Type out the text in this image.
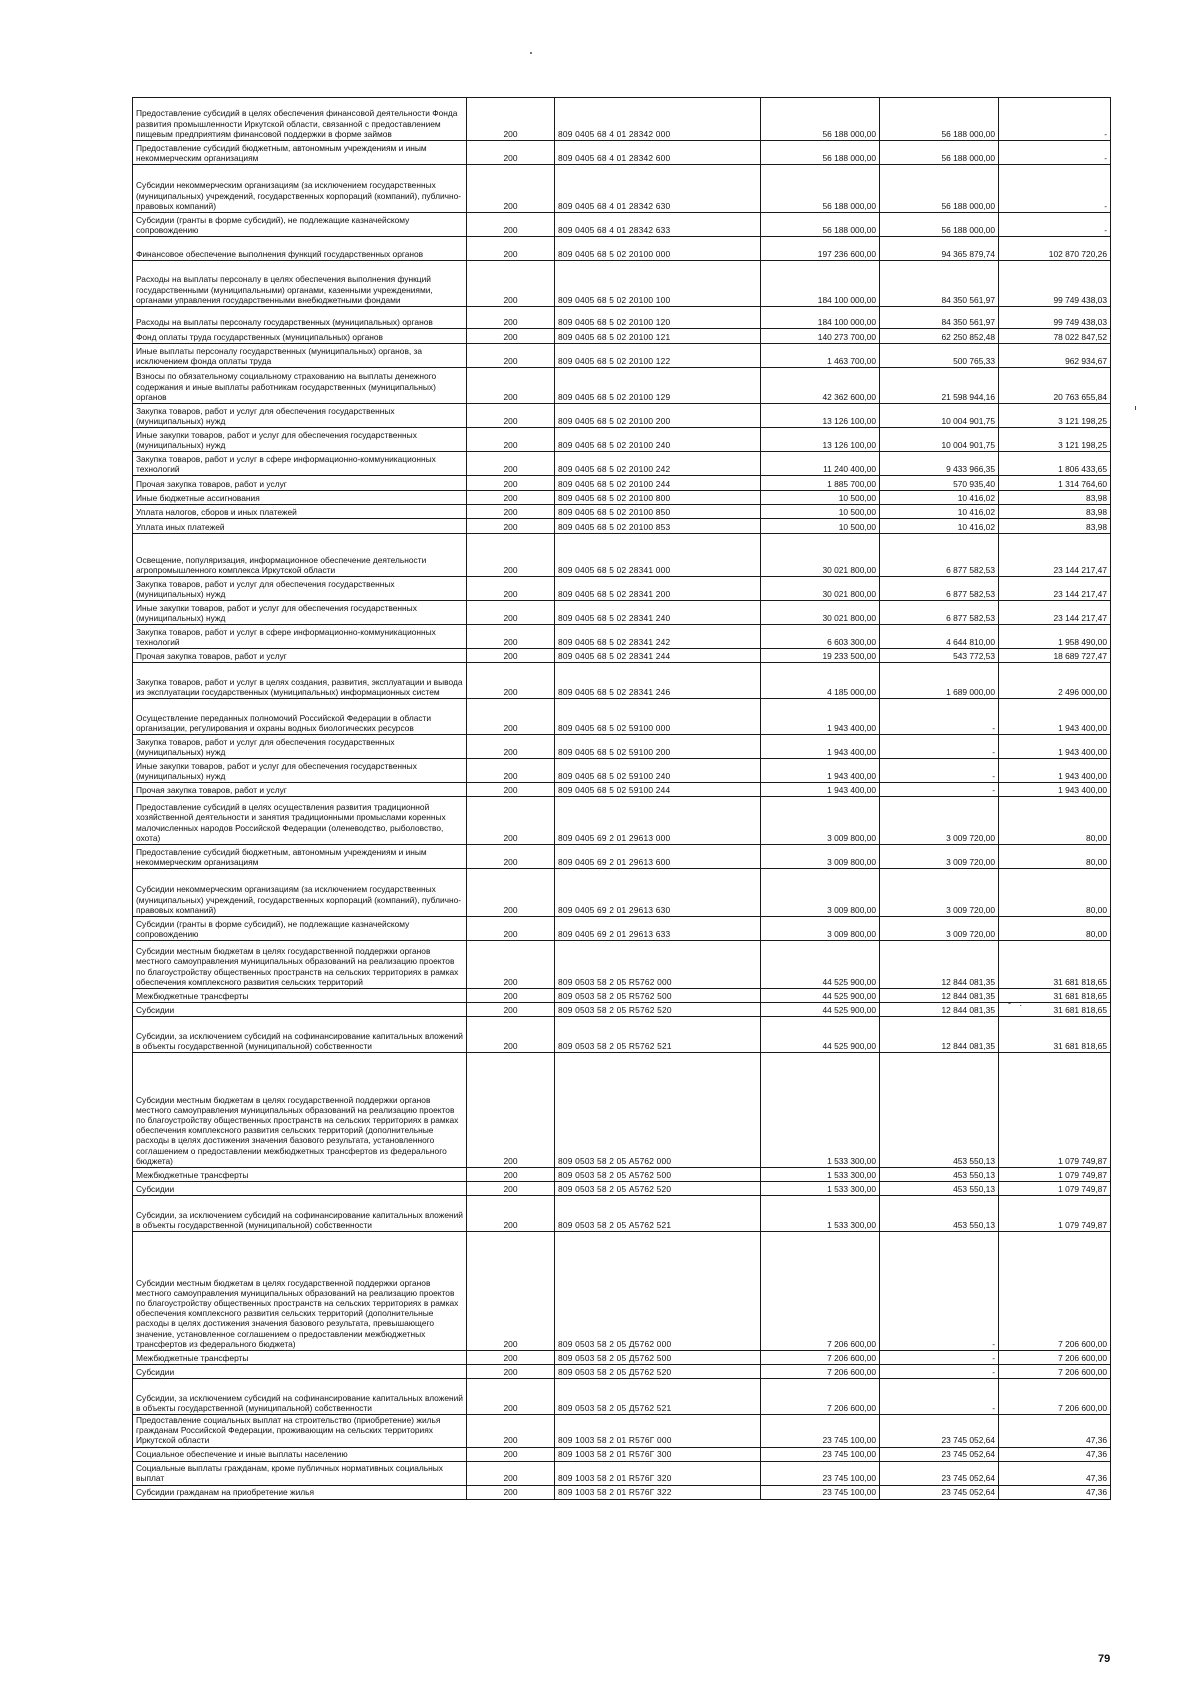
Предоставление субсидий в целях обеспечения финансовой деятельности Фонда развития промышленности Иркутской области, связанной с предоставлением пищевым предприятиям финансовой поддержки в форме займов	200	809 0405 68 4 01 28342 000	56 188 000,00	56 188 000,00	-
Предоставление субсидий бюджетным, автономным учреждениям и иным некоммерческим организациям	200	809 0405 68 4 01 28342 600	56 188 000,00	56 188 000,00	-
Субсидии некоммерческим организациям (за исключением государственных (муниципальных) учреждений, государственных корпораций (компаний), публично-правовых компаний)	200	809 0405 68 4 01 28342 630	56 188 000,00	56 188 000,00	-
Субсидии (гранты в форме субсидий), не подлежащие казначейскому сопровождению	200	809 0405 68 4 01 28342 633	56 188 000,00	56 188 000,00	-
Финансовое обеспечение выполнения функций государственных органов	200	809 0405 68 5 02 20100 000	197 236 600,00	94 365 879,74	102 870 720,26
Расходы на выплаты персоналу в целях обеспечения выполнения функций государственными (муниципальными) органами, казенными учреждениями, органами управления государственными внебюджетными фондами	200	809 0405 68 5 02 20100 100	184 100 000,00	84 350 561,97	99 749 438,03
Расходы на выплаты персоналу государственных (муниципальных) органов	200	809 0405 68 5 02 20100 120	184 100 000,00	84 350 561,97	99 749 438,03
Фонд оплаты труда государственных (муниципальных) органов	200	809 0405 68 5 02 20100 121	140 273 700,00	62 250 852,48	78 022 847,52
Иные выплаты персоналу государственных (муниципальных) органов, за исключением фонда оплаты труда	200	809 0405 68 5 02 20100 122	1 463 700,00	500 765,33	962 934,67
Взносы по обязательному социальному страхованию на выплаты денежного содержания и иные выплаты работникам государственных (муниципальных) органов	200	809 0405 68 5 02 20100 129	42 362 600,00	21 598 944,16	20 763 655,84
Закупка товаров, работ и услуг для обеспечения государственных (муниципальных) нужд	200	809 0405 68 5 02 20100 200	13 126 100,00	10 004 901,75	3 121 198,25
Иные закупки товаров, работ и услуг для обеспечения государственных (муниципальных) нужд	200	809 0405 68 5 02 20100 240	13 126 100,00	10 004 901,75	3 121 198,25
Закупка товаров, работ и услуг в сфере информационно-коммуникационных технологий	200	809 0405 68 5 02 20100 242	11 240 400,00	9 433 966,35	1 806 433,65
Прочая закупка товаров, работ и услуг	200	809 0405 68 5 02 20100 244	1 885 700,00	570 935,40	1 314 764,60
Иные бюджетные ассигнования	200	809 0405 68 5 02 20100 800	10 500,00	10 416,02	83,98
Уплата налогов, сборов и иных платежей	200	809 0405 68 5 02 20100 850	10 500,00	10 416,02	83,98
Уплата иных платежей	200	809 0405 68 5 02 20100 853	10 500,00	10 416,02	83,98
Освещение, популяризация, информационное обеспечение деятельности агропромышленного комплекса Иркутской области	200	809 0405 68 5 02 28341 000	30 021 800,00	6 877 582,53	23 144 217,47
Закупка товаров, работ и услуг для обеспечения государственных (муниципальных) нужд	200	809 0405 68 5 02 28341 200	30 021 800,00	6 877 582,53	23 144 217,47
Иные закупки товаров, работ и услуг для обеспечения государственных (муниципальных) нужд	200	809 0405 68 5 02 28341 240	30 021 800,00	6 877 582,53	23 144 217,47
Закупка товаров, работ и услуг в сфере информационно-коммуникационных технологий	200	809 0405 68 5 02 28341 242	6 603 300,00	4 644 810,00	1 958 490,00
Прочая закупка товаров, работ и услуг	200	809 0405 68 5 02 28341 244	19 233 500,00	543 772,53	18 689 727,47
Закупка товаров, работ и услуг в целях создания, развития, эксплуатации и вывода из эксплуатации государственных (муниципальных) информационных систем	200	809 0405 68 5 02 28341 246	4 185 000,00	1 689 000,00	2 496 000,00
Осуществление переданных полномочий Российской Федерации в области организации, регулирования и охраны водных биологических ресурсов	200	809 0405 68 5 02 59100 000	1 943 400,00	-	1 943 400,00
Закупка товаров, работ и услуг для обеспечения государственных (муниципальных) нужд	200	809 0405 68 5 02 59100 200	1 943 400,00	-	1 943 400,00
Иные закупки товаров, работ и услуг для обеспечения государственных (муниципальных) нужд	200	809 0405 68 5 02 59100 240	1 943 400,00	-	1 943 400,00
Прочая закупка товаров, работ и услуг	200	809 0405 68 5 02 59100 244	1 943 400,00	-	1 943 400,00
Предоставление субсидий в целях осуществления развития традиционной хозяйственной деятельности и занятия традиционными промыслами коренных малочисленных народов Российской Федерации (оленеводство, рыболовство, охота)	200	809 0405 69 2 01 29613 000	3 009 800,00	3 009 720,00	80,00
Предоставление субсидий бюджетным, автономным учреждениям и иным некоммерческим организациям	200	809 0405 69 2 01 29613 600	3 009 800,00	3 009 720,00	80,00
Субсидии некоммерческим организациям (за исключением государственных (муниципальных) учреждений, государственных корпораций (компаний), публично-правовых компаний)	200	809 0405 69 2 01 29613 630	3 009 800,00	3 009 720,00	80,00
Субсидии (гранты в форме субсидий), не подлежащие казначейскому сопровождению	200	809 0405 69 2 01 29613 633	3 009 800,00	3 009 720,00	80,00
Субсидии местным бюджетам в целях государственной поддержки органов местного самоуправления муниципальных образований на реализацию проектов по благоустройству общественных пространств на сельских территориях в рамках обеспечения комплексного развития сельских территорий	200	809 0503 58 2 05 R5762 000	44 525 900,00	12 844 081,35	31 681 818,65
Межбюджетные трансферты	200	809 0503 58 2 05 R5762 500	44 525 900,00	12 844 081,35	31 681 818,65
Субсидии	200	809 0503 58 2 05 R5762 520	44 525 900,00	12 844 081,35	31 681 818,65
Субсидии, за исключением субсидий на софинансирование капитальных вложений в объекты государственной (муниципальной) собственности	200	809 0503 58 2 05 R5762 521	44 525 900,00	12 844 081,35	31 681 818,65
Субсидии местным бюджетам в целях государственной поддержки органов местного самоуправления муниципальных образований на реализацию проектов по благоустройству общественных пространств на сельских территориях в рамках обеспечения комплексного развития сельских территорий (дополнительные расходы в целях достижения значения базового результата, установленного соглашением о предоставлении межбюджетных трансфертов из федерального бюджета)	200	809 0503 58 2 05 А5762 000	1 533 300,00	453 550,13	1 079 749,87
Межбюджетные трансферты	200	809 0503 58 2 05 А5762 500	1 533 300,00	453 550,13	1 079 749,87
Субсидии	200	809 0503 58 2 05 А5762 520	1 533 300,00	453 550,13	1 079 749,87
Субсидии, за исключением субсидий на софинансирование капитальных вложений в объекты государственной (муниципальной) собственности	200	809 0503 58 2 05 А5762 521	1 533 300,00	453 550,13	1 079 749,87
Субсидии местным бюджетам в целях государственной поддержки органов местного самоуправления муниципальных образований на реализацию проектов по благоустройству общественных пространств на сельских территориях в рамках обеспечения комплексного развития сельских территорий (дополнительные расходы в целях достижения значения базового результата, превышающего значение, установленное соглашением о предоставлении межбюджетных трансфертов из федерального бюджета)	200	809 0503 58 2 05 Д5762 000	7 206 600,00	-	7 206 600,00
Межбюджетные трансферты	200	809 0503 58 2 05 Д5762 500	7 206 600,00	-	7 206 600,00
Субсидии	200	809 0503 58 2 05 Д5762 520	7 206 600,00	-	7 206 600,00
Субсидии, за исключением субсидий на софинансирование капитальных вложений в объекты государственной (муниципальной) собственности	200	809 0503 58 2 05 Д5762 521	7 206 600,00	-	7 206 600,00
Предоставление социальных выплат на строительство (приобретение) жилья гражданам Российской Федерации, проживающим на сельских территориях Иркутской области	200	809 1003 58 2 01 R576Г 000	23 745 100,00	23 745 052,64	47,36
Социальное обеспечение и иные выплаты населению	200	809 1003 58 2 01 R576Г 300	23 745 100,00	23 745 052,64	47,36
Социальные выплаты гражданам, кроме публичных нормативных социальных выплат	200	809 1003 58 2 01 R576Г 320	23 745 100,00	23 745 052,64	47,36
Субсидии гражданам на приобретение жилья	200	809 1003 58 2 01 R576Г 322	23 745 100,00	23 745 052,64	47,36
- .
79
